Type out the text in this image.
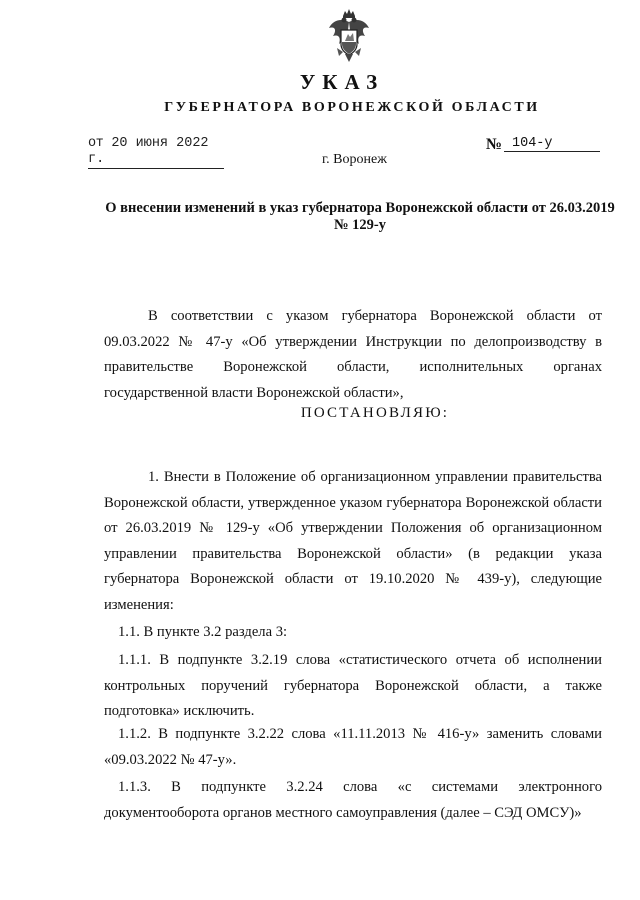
УКАЗ
ГУБЕРНАТОРА ВОРОНЕЖСКОЙ ОБЛАСТИ
от 20 июня 2022 г.
№ 104-у
г. Воронеж
О внесении изменений в указ губернатора Воронежской области от 26.03.2019 № 129-у
В соответствии с указом губернатора Воронежской области от 09.03.2022 № 47-у «Об утверждении Инструкции по делопроизводству в правительстве Воронежской области, исполнительных органах государственной власти Воронежской области»,
ПОСТАНОВЛЯЮ:
1. Внести в Положение об организационном управлении правительства Воронежской области, утвержденное указом губернатора Воронежской области от 26.03.2019 № 129-у «Об утверждении Положения об организационном управлении правительства Воронежской области» (в редакции указа губернатора Воронежской области от 19.10.2020 № 439-у), следующие изменения:
1.1. В пункте 3.2 раздела 3:
1.1.1. В подпункте 3.2.19 слова «статистического отчета об исполнении контрольных поручений губернатора Воронежской области, а также подготовка» исключить.
1.1.2. В подпункте 3.2.22 слова «11.11.2013 № 416-у» заменить словами «09.03.2022 № 47-у».
1.1.3. В подпункте 3.2.24 слова «с системами электронного документооборота органов местного самоуправления (далее – СЭД ОМСУ)»
